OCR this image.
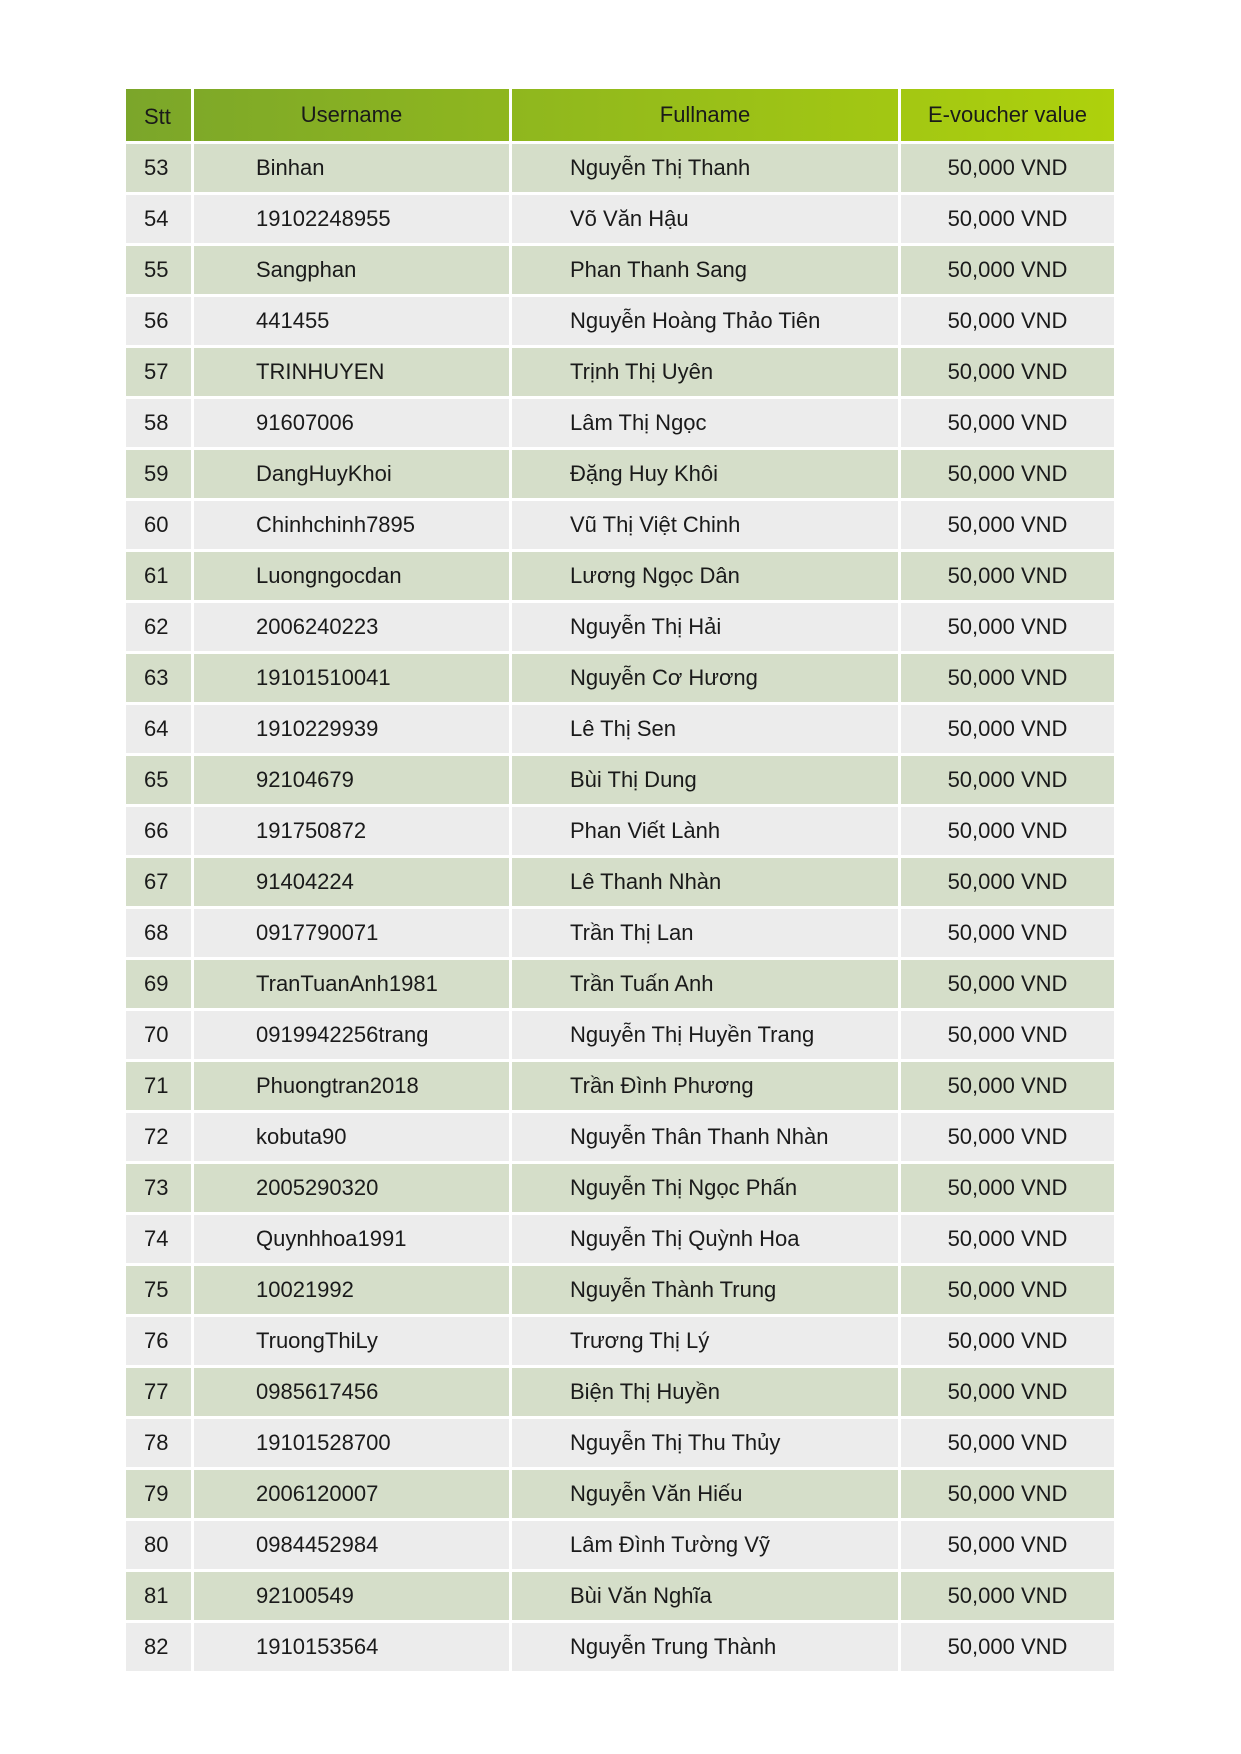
Stt	Username	Fullname	E-voucher value
53	Binhan	Nguyễn Thị Thanh	50,000 VND
54	19102248955	Võ Văn Hậu	50,000 VND
55	Sangphan	Phan Thanh Sang	50,000 VND
56	441455	Nguyễn Hoàng Thảo Tiên	50,000 VND
57	TRINHUYEN	Trịnh Thị Uyên	50,000 VND
58	91607006	Lâm Thị Ngọc	50,000 VND
59	DangHuyKhoi	Đặng Huy Khôi	50,000 VND
60	Chinhchinh7895	Vũ Thị Việt Chinh	50,000 VND
61	Luongngocdan	Lương Ngọc Dân	50,000 VND
62	2006240223	Nguyễn Thị Hải	50,000 VND
63	19101510041	Nguyễn Cơ Hương	50,000 VND
64	1910229939	Lê Thị Sen	50,000 VND
65	92104679	Bùi Thị Dung	50,000 VND
66	191750872	Phan Viết Lành	50,000 VND
67	91404224	Lê Thanh Nhàn	50,000 VND
68	0917790071	Trần Thị Lan	50,000 VND
69	TranTuanAnh1981	Trần Tuấn Anh	50,000 VND
70	0919942256trang	Nguyễn Thị Huyền Trang	50,000 VND
71	Phuongtran2018	Trần Đình Phương	50,000 VND
72	kobuta90	Nguyễn Thân Thanh Nhàn	50,000 VND
73	2005290320	Nguyễn Thị Ngọc Phấn	50,000 VND
74	Quynhhoa1991	Nguyễn Thị Quỳnh Hoa	50,000 VND
75	10021992	Nguyễn Thành Trung	50,000 VND
76	TruongThiLy	Trương Thị Lý	50,000 VND
77	0985617456	Biện Thị Huyền	50,000 VND
78	19101528700	Nguyễn Thị Thu Thủy	50,000 VND
79	2006120007	Nguyễn Văn Hiếu	50,000 VND
80	0984452984	Lâm Đình Tường Vỹ	50,000 VND
81	92100549	Bùi Văn Nghĩa	50,000 VND
82	1910153564	Nguyễn Trung Thành	50,000 VND
